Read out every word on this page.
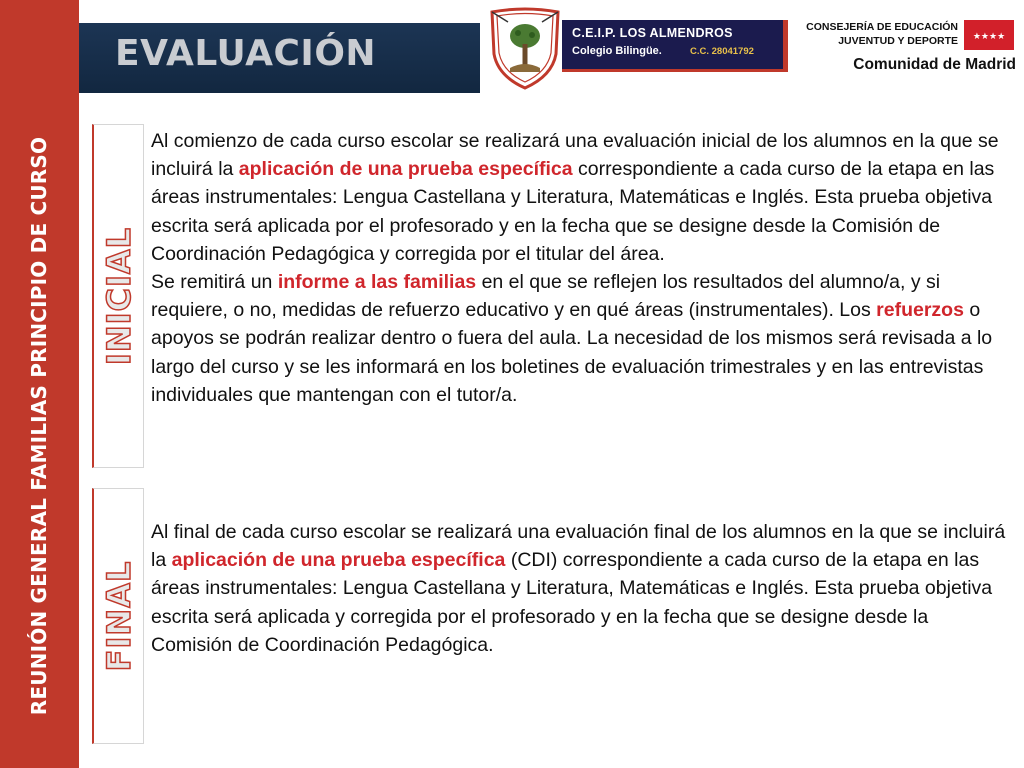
REUNIÓN GENERAL FAMILIAS PRINCIPIO DE CURSO
EVALUACIÓN	C.E.I.P. LOS ALMENDROS
Colegio Bilingüe.	C.C. 28041792
CONSEJERÍA DE EDUCACIÓN
JUVENTUD Y DEPORTE ★★★★
Comunidad de Madrid
INICIAL
FINAL
Al comienzo de cada curso escolar se realizará una evaluación inicial de los alumnos en la que se incluirá la aplicación de una prueba específica correspondiente a cada curso de la etapa en las áreas instrumentales: Lengua Castellana y Literatura, Matemáticas e Inglés. Esta prueba objetiva escrita será aplicada por el profesorado y en la fecha que se designe desde la Comisión de Coordinación Pedagógica y corregida por el titular del área.
Se remitirá un informe a las familias en el que se reflejen los resultados del alumno/a, y si requiere, o no, medidas de refuerzo educativo y en qué áreas (instrumentales). Los refuerzos o apoyos se podrán realizar dentro o fuera del aula. La necesidad de los mismos será revisada a lo largo del curso y se les informará en los boletines de evaluación trimestrales y en las entrevistas individuales que mantengan con el tutor/a.
Al final de cada curso escolar se realizará una evaluación final de los alumnos en la que se incluirá la aplicación de una prueba específica (CDI) correspondiente a cada curso de la etapa en las áreas instrumentales: Lengua Castellana y Literatura, Matemáticas e Inglés. Esta prueba objetiva escrita será aplicada y corregida por el profesorado y en la fecha que se designe desde la Comisión de Coordinación Pedagógica.
